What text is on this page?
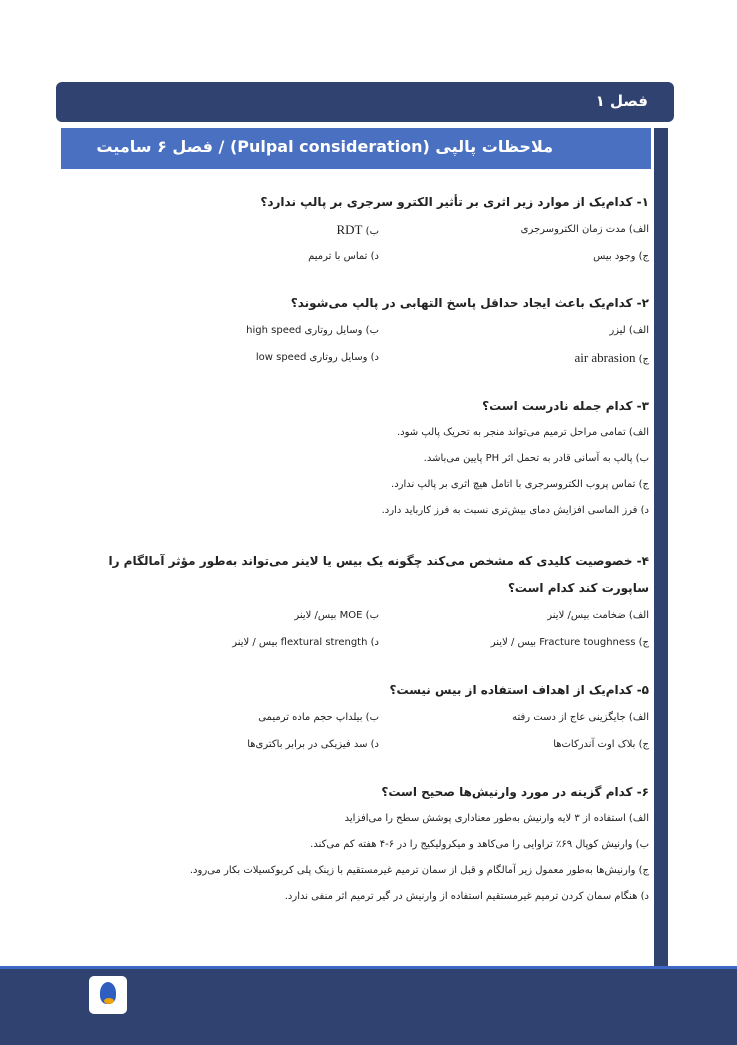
فصل ۱
ملاحظات پالپی (Pulpal consideration) / فصل ۶ سامیت
۱- کدام‌یک از موارد زیر اثری بر تأثیر الکترو سرجری بر پالپ ندارد؟
الف) مدت زمان الکتروسرجری
ب) RDT
ج) وجود بیس
د) تماس با ترمیم
۲- کدام‌یک باعث ایجاد حداقل پاسخ التهابی در پالپ می‌شوند؟
الف) لیزر
ب) وسایل روتاری high speed
ج) air abrasion
د) وسایل روتاری low speed
۳- کدام جمله نادرست است؟
الف) تمامی مراحل ترمیم می‌تواند منجر به تحریک پالپ شود.
ب) پالپ به آسانی قادر به تحمل اثر PH پایین می‌باشد.
ج) تماس پروب الکتروسرجری با اتامل هیچ اثری بر پالپ ندارد.
د) فرز الماسی افزایش دمای بیش‌تری نسبت به فرز کارباید دارد.
۴- خصوصیت کلیدی که مشخص می‌کند چگونه یک بیس یا لاینر می‌تواند به‌طور مؤثر آمالگام را ساپورت کند کدام است؟
الف) ضخامت بیس/ لاینر
ب) MOE بیس/ لاینر
ج) Fracture toughness بیس / لاینر
د) flextural strength بیس / لاینر
۵- کدام‌یک از اهداف استفاده از بیس نیست؟
الف) جایگزینی عاج از دست رفته
ب) بیلداپ حجم ماده ترمیمی
ج) بلاک اوت آندرکات‌ها
د) سد فیزیکی در برابر باکتری‌ها
۶- کدام گزینه در مورد وارنیش‌ها صحیح است؟
الف) استفاده از ۳ لایه وارنیش به‌طور معناداری پوشش سطح را می‌افزاید
ب) وارنیش کوپال ۶۹٪ تراوایی را می‌کاهد و میکرولیکیج را در ۶-۴ هفته کم می‌کند.
ج) وارنیش‌ها به‌طور معمول زیر آمالگام و قبل از سمان ترمیم غیرمستقیم با زینک پلی کربوکسیلات بکار می‌رود.
د) هنگام سمان کردن ترمیم غیرمستقیم استفاده از وارنیش در گیر ترمیم اثر منفی ندارد.
